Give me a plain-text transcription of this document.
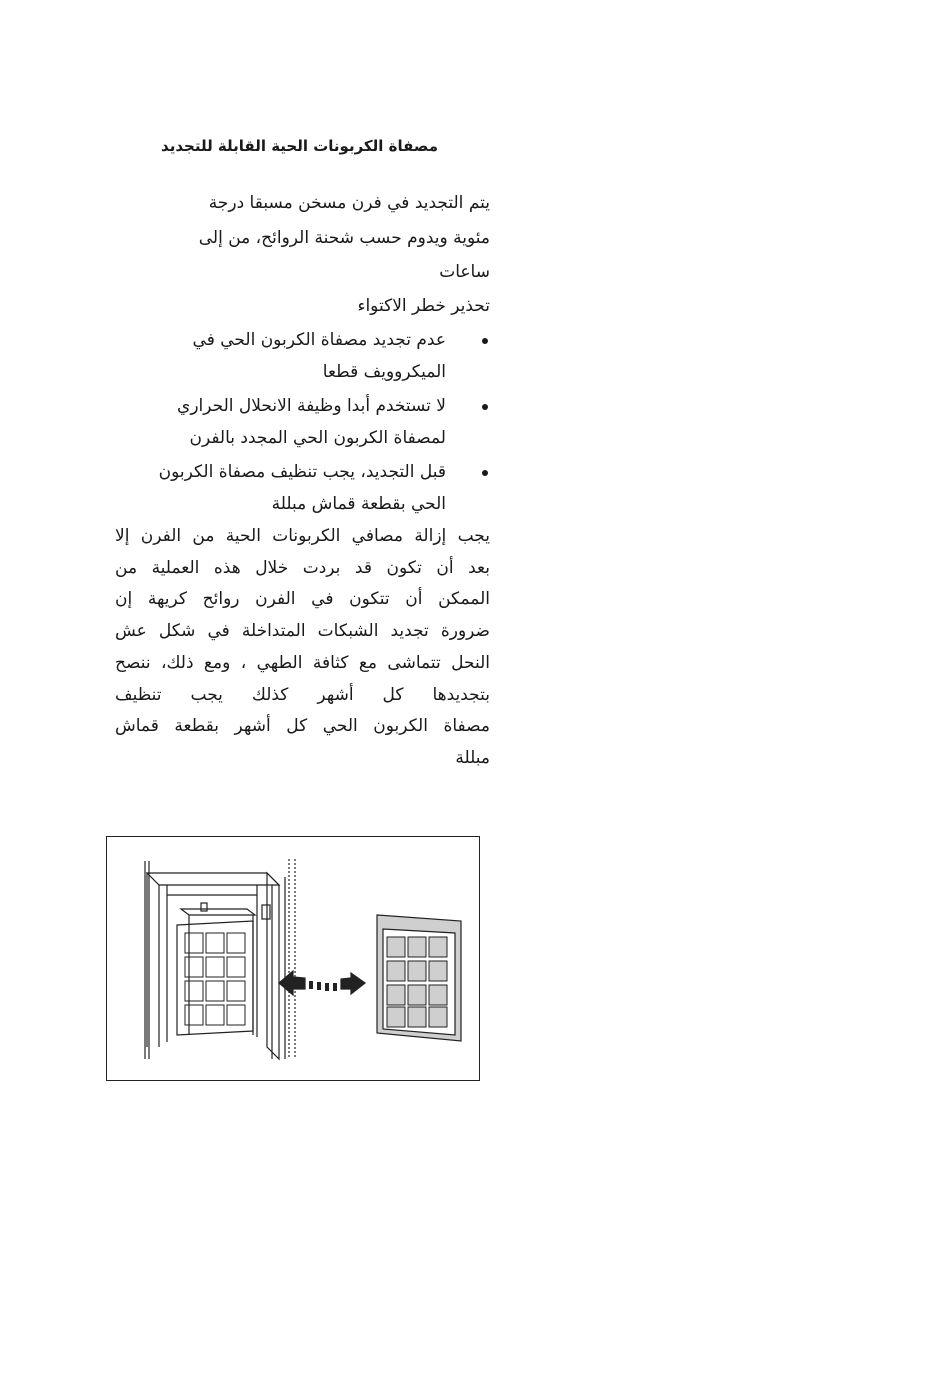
مصفاة الكربونات الحية القابلة للتجديد
يتم التجديد في فرن مسخن مسبقا درجة
مئوية ويدوم حسب شحنة الروائح، من إلى
ساعات
تحذير خطر الاكتواء
عدم تجديد مصفاة الكربون الحي في
الميكروويف قطعا
لا تستخدم أبدا وظيفة الانحلال الحراري
لمصفاة الكربون الحي المجدد بالفرن
قبل التجديد، يجب تنظيف مصفاة الكربون
الحي بقطعة قماش مبللة
يجب إزالة مصافي الكربونات الحية من الفرن إلا
بعد أن تكون قد بردت خلال هذه العملية من
الممكن أن تتكون في الفرن روائح كريهة إن
ضرورة تجديد الشبكات المتداخلة في شكل عش
النحل تتماشى مع كثافة الطهي ، ومع ذلك، ننصح
بتجديدها كل أشهر كذلك يجب تنظيف
مصفاة الكربون الحي كل أشهر بقطعة قماش
مبللة
